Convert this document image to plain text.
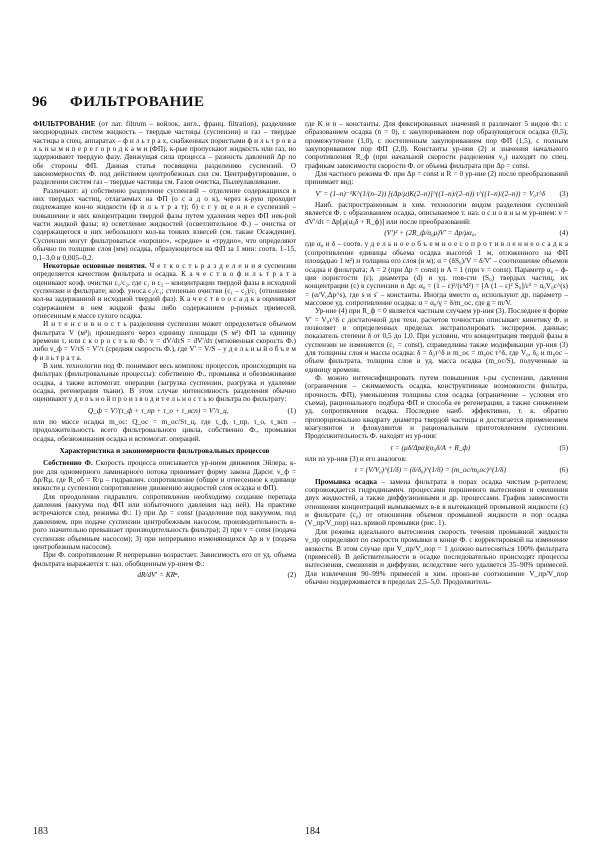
96 ФИЛЬТРОВАНИЕ

ФИЛЬТРОВА́НИЕ (от лат. filtrum – войлок, англ., франц. filtration), разделение неоднородных систем жидкость – твердые частицы (суспензии) и газ – твердые частицы в спец. аппаратах – ф и л ь т р а х, снабженных пористыми ф и л ь т р о в а л ь н ы м и п е р е г о р о д к а м и (ФП), к-рые пропускают жидкость или газ, но задерживают твердую фазу. Движущая сила процесса – разность давлений Δp по обе стороны ФП. Данная статья посвящена разделению суспензий. О закономерностях Ф. под действием центробежных сил см. Центрифугирование, о разделении систем газ – твердые частицы см. Газов очистка, Пылеулавливание.

Различают: а) собственно разделение суспензий – отделение содержащихся в них твердых частиц, отлагаемых на ФП (о с а д о к), через к-рую проходит подлежащее кон-ю жидкости (ф и л ь т р а т); б) с г у щ е н и е суспензий – повышение в них концентрации твердой фазы путем удаления через ФП нек-рой части жидкой фазы; в) осветление жидкостей (осветлительное Ф.) – очистка от содержащегося в них небольшого кол-ва тонких взвесей (см. также Осаждение). Суспензии могут фильтроваться «хорошо», «средне» и «трудно», что определяют обычно по толщине слоя (мм) осадка, образующегося на ФП за 1 мин: соотв. 1–15, 0,1–3,0 и 0,005–0,2.

Некоторые основные понятия. Ч е т к о с т ь р а з д е л е н и я суспензии определяется качеством фильтрата и осадка. К а ч е с т в о ф и л ь т р а т а оценивают коэф. очистки c₁/c₂, где c₁ и c₂ – концентрации твердой фазы в исходной суспензии и фильтрате; коэф. уноса c₂/c₁; степенью очистки (c₁ – c₂)/c₁ (отношение кол-ва задержанной и исходной твердой фаз). К а ч е с т в о о с а д к а оценивают содержанием в нем жидкой фазы либо содержанием р-римых примесей, отнесенным к массе сухого осадка.

И н т е н с и в н о с т ь разделения суспензии может определяться объемом фильтрата V (м³), прошедшего через единицу площади (S м²) ФП за единицу времени τ, или с к о р о с т ь ю Ф.: v = dV/dτS = dV′/dτ (мгновенная скорость Ф.) либо v_ф = V/τS = V′/τ (средняя скорость Ф.), где V′ = V/S – у д е л ь н ы й о б ъ е м ф и л ь т р а т а.

В хим. технологии под Ф. понимают весь комплекс процессов, происходящих на фильтрах (фильтровальные процессы): собственно Ф., промывка и обезвоживание осадка, а также вспомогат. операции (загрузка суспензии, разгрузка и удаление осадка, регенерация ткани). В этом случае интенсивность разделения обычно оценивают у д е л ь н о й п р о и з в о д и т е л ь н о с т ь ю фильтра по фильтрату:

Q_ф = V′/(τ_ф + τ_пр + τ_о + τ_всп) = V′/τ_ц,	(1)

или по массе осадка m_ос: Q_ос = m_ос/Sτ_ц, где τ_ф, τ_пр, τ_о, τ_всп – продолжительность всего фильтровального цикла, собственно Ф., промывки осадка, обезвоживания осадка и вспомогат. операций.

Характеристика и закономерности фильтровальных процессов

Собственно Ф. Скорость процесса описывается ур-нием движения Эйлера, к-рое для одномерного ламинарного потока принимает форму закона Дарси: v_ф = Δp/Rμ, где R_об = R/μ – гидравлич. сопротивление (общее и отнесенное к единице вязкости μ суспензии сопротивление движению жидкостей слоя осадка и ФП).

Для преодоления гидравлич. сопротивления необходимо создание перепада давления (вакуума под ФП или избыточного давления над ней). На практике встречаются след. режимы Ф.: 1) при Δp = const (разделение под вакуумом, под давлением, при подаче суспензии центробежным насосом, производительность к-рого значительно превышает производительность фильтра); 2) при v = const (подача суспензии объемным насосом); 3) при непрерывно изменяющихся Δp и v (подача центробежным насосом).

При Ф. сопротивление R непрерывно возрастает. Зависимость его от уд. объема фильтрата выражается т. наз. обобщенным ур-нием Ф.:

dR/dV′ = KRⁿ,	(2)

где K и n – константы. Для фиксированных значений n различают 5 видов Ф.: с образованием осадка (n = 0), с закупориванием пор образующегося осадка (0,5), промежуточное (1,0), с постепенным закупориванием пор ФП (1,5), с полным закупориванием пор ФП (2,0). Константы ур-ния (2) и значения начального сопротивления R_ф (при начальной скорости разделения v₀) находят по спец. графикам зависимости скорости Ф. от объема фильтрата при Δp = const.

Для частного режима Ф. при Δp = const и R = 0 ур-ние (2) после преобразований принимает вид:

V′ = (1–n)⁻¹K^(1/(n–2)) [(Δp/μ)K(2–n)]^((1–n)/(2–n)) τ^((1–n)/(2–n)) = V₀τ^δ	(3)

Наиб. распространенным в хим. технологии видом разделения суспензий является Ф. с образованием осадка, описываемое т. наз. о с н о в н ы м ур-нием: v = dV′/dτ = Δp[μ(α₀δ + R_ф)] или после преобразований:

(V′)² + (2R_ф/α₀μ)V′ = Δp/μα₀,	(4)

где α₀ и δ – соотв. у д е л ь н о е о б ъ е м н о е с о п р о т и в л е н и е о с а д к а (сопротивление единицы объема осадка высотой 1 м, отложенного на ФП площадью 1 м²) и толщина его слоя (в м); α = (δS₀)/V = δ/V′ – соотношение объемов осадка и фильтрата; A = 2 (при Δp = const) и A = 1 (при v = const). Параметр α₀ – ф-ция пористости (ε), диаметра (d) и уд. пов-сти (S₀) твердых частиц, их концентрации (c) в суспензии и Δp: α₀ = (1 – ε)²/(ε³d²) = [A (1 – ε)² S₀]/ε³ = α₀V₀c^(s) = (α/V₀Δp^s), где s и s′ – константы. Иногда вместо α₀ используют др. параметр – массовое уд. сопротивление осадка: α = α₀/γ = δ/m_ос, где g = m/V.

Ур-ние (4) при R_ф = 0 является частным случаем ур-ния (3). Последнее в форме V′ = V₀τ^δ с достаточной для техн. расчетов точностью описывает кинетику Ф. и позволяет в определенных пределах экстраполировать экспрерим. данные; показатель степени δ от 0,5 до 1,0. При условии, что концентрация твердой фазы в суспензии не изменяется (c₁ = const), справедливы также модификации ур-ния (3) для толщины слоя и массы осадка: δ = δ₀τ^δ и m_ос = m₀ос τ^δ, где V₀, δ₀ и m₀ос – объем фильтрата, толщина слоя и уд. масса осадка (m_ос/S), полученные за единицу времени.

Ф. можно интенсифицировать путем повышения t-ры суспензии, давления (ограничения – сжимаемость осадка, конструктивные возможности фильтра, прочность ФП), уменьшения толщины слоя осадка (ограничение – условия его съема), рационального подбора ФП и способа ее регенерации, а также снижением уд. сопротивления осадка. Последнее наиб. эффективно, т. к. обратно пропорционально квадрату диаметра твердой частицы и достигается применением коагулянтов и флокулянтов и рациональным приготовлением суспензии. Продолжительность Ф. находят из ур-ния:

τ = (μδ/Δpα)(α₀δ/A + R_ф)	(5)

или из ур-ния (3) и его аналогов:

τ = (V/V₀)^(1/δ) = (δ/δ₀)^(1/δ) = (m_ос/m₀ос)^(1/δ)	(6)

Промывка осадка – замена фильтрата в порах осадка чистым р-рителем; сопровождается гидродинамич. процессами поршневого вытеснения и смешения двух жидкостей, а также диффузионными и др. процессами. График зависимости отношения концентраций вымываемых в-в в вытекающей промывной жидкости (c) и фильтрате (c₀) от отношения объемов промывной жидкости и пор осадка (V_пр/V_пор) наз. кривой промывки (рис. 1).

Для режима идеального вытеснения скорость течения промывной жидкости v_пр определяют по скорости промывки в конце Ф. с корректировкой на изменение вязкости. В этом случае при V_пр/V_пор = 1 должно вытесняться 100% фильтрата (примесей). В действительности в осадке последовательно происходят процессы вытеснения, смешения и диффузии, вследствие чего удаляется 35–90% примесей. Для извлечения 90–99% примесей в хим. произ-ве соотношение V_пр/V_пор обычно поддерживается в пределах 2,5–5,0. Продолжитель-

183	184
